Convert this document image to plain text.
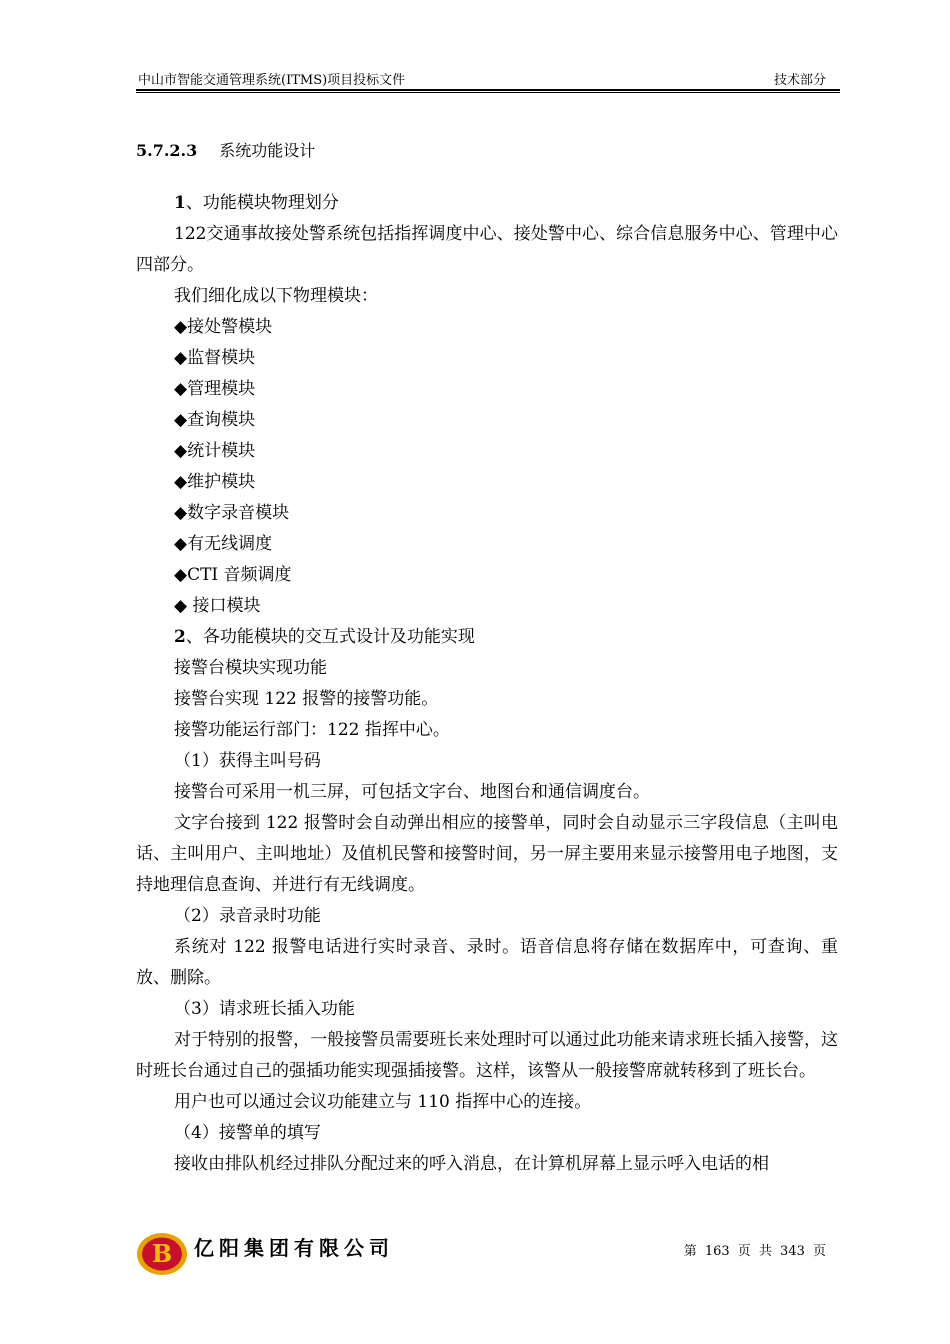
中山市智能交通管理系统(ITMS)项目投标文件	技术部分
5.7.2.3 系统功能设计

1、功能模块物理划分

122交通事故接处警系统包括指挥调度中心、接处警中心、综合信息服务中心、管理中心四部分。

我们细化成以下物理模块：

◆接处警模块

◆监督模块

◆管理模块

◆查询模块

◆统计模块

◆维护模块

◆数字录音模块

◆有无线调度

◆CTI 音频调度

◆ 接口模块

2、各功能模块的交互式设计及功能实现

接警台模块实现功能

接警台实现 122 报警的接警功能。

接警功能运行部门：122 指挥中心。

（1）获得主叫号码

接警台可采用一机三屏，可包括文字台、地图台和通信调度台。

文字台接到 122 报警时会自动弹出相应的接警单，同时会自动显示三字段信息（主叫电话、主叫用户、主叫地址）及值机民警和接警时间，另一屏主要用来显示接警用电子地图，支持地理信息查询、并进行有无线调度。

（2）录音录时功能

系统对 122 报警电话进行实时录音、录时。语音信息将存储在数据库中，可查询、重放、删除。

（3）请求班长插入功能

对于特别的报警，一般接警员需要班长来处理时可以通过此功能来请求班长插入接警，这时班长台通过自己的强插功能实现强插接警。这样，该警从一般接警席就转移到了班长台。

用户也可以通过会议功能建立与 110 指挥中心的连接。

（4）接警单的填写

接收由排队机经过排队分配过来的呼入消息，在计算机屏幕上显示呼入电话的相

B 亿阳集团有限公司	第 163 页 共 343 页
